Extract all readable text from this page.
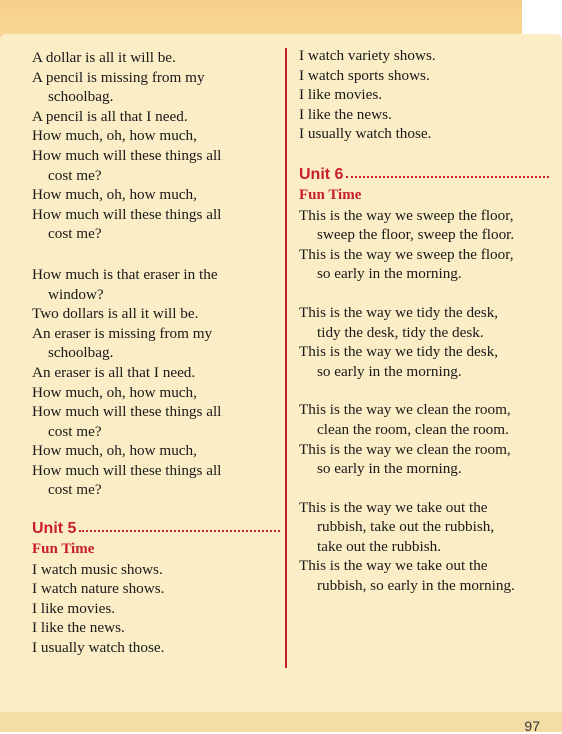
A dollar is all it will be.
A pencil is missing from my
schoolbag.
A pencil is all that I need.
How much, oh, how much,
How much will these things all
cost me?
How much, oh, how much,
How much will these things all
cost me?
How much is that eraser in the
window?
Two dollars is all it will be.
An eraser is missing from my
schoolbag.
An eraser is all that I need.
How much, oh, how much,
How much will these things all
cost me?
How much, oh, how much,
How much will these things all
cost me?
Unit 5
Fun Time
I watch music shows.
I watch nature shows.
I like movies.
I like the news.
I usually watch those.
I watch variety shows.
I watch sports shows.
I like movies.
I like the news.
I usually watch those.
Unit 6
Fun Time
This is the way we sweep the floor,
sweep the floor, sweep the floor.
This is the way we sweep the floor,
so early in the morning.
This is the way we tidy the desk,
tidy the desk, tidy the desk.
This is the way we tidy the desk,
so early in the morning.
This is the way we clean the room,
clean the room, clean the room.
This is the way we clean the room,
so early in the morning.
This is the way we take out the
rubbish, take out the rubbish,
take out the rubbish.
This is the way we take out the
rubbish, so early in the morning.
97
